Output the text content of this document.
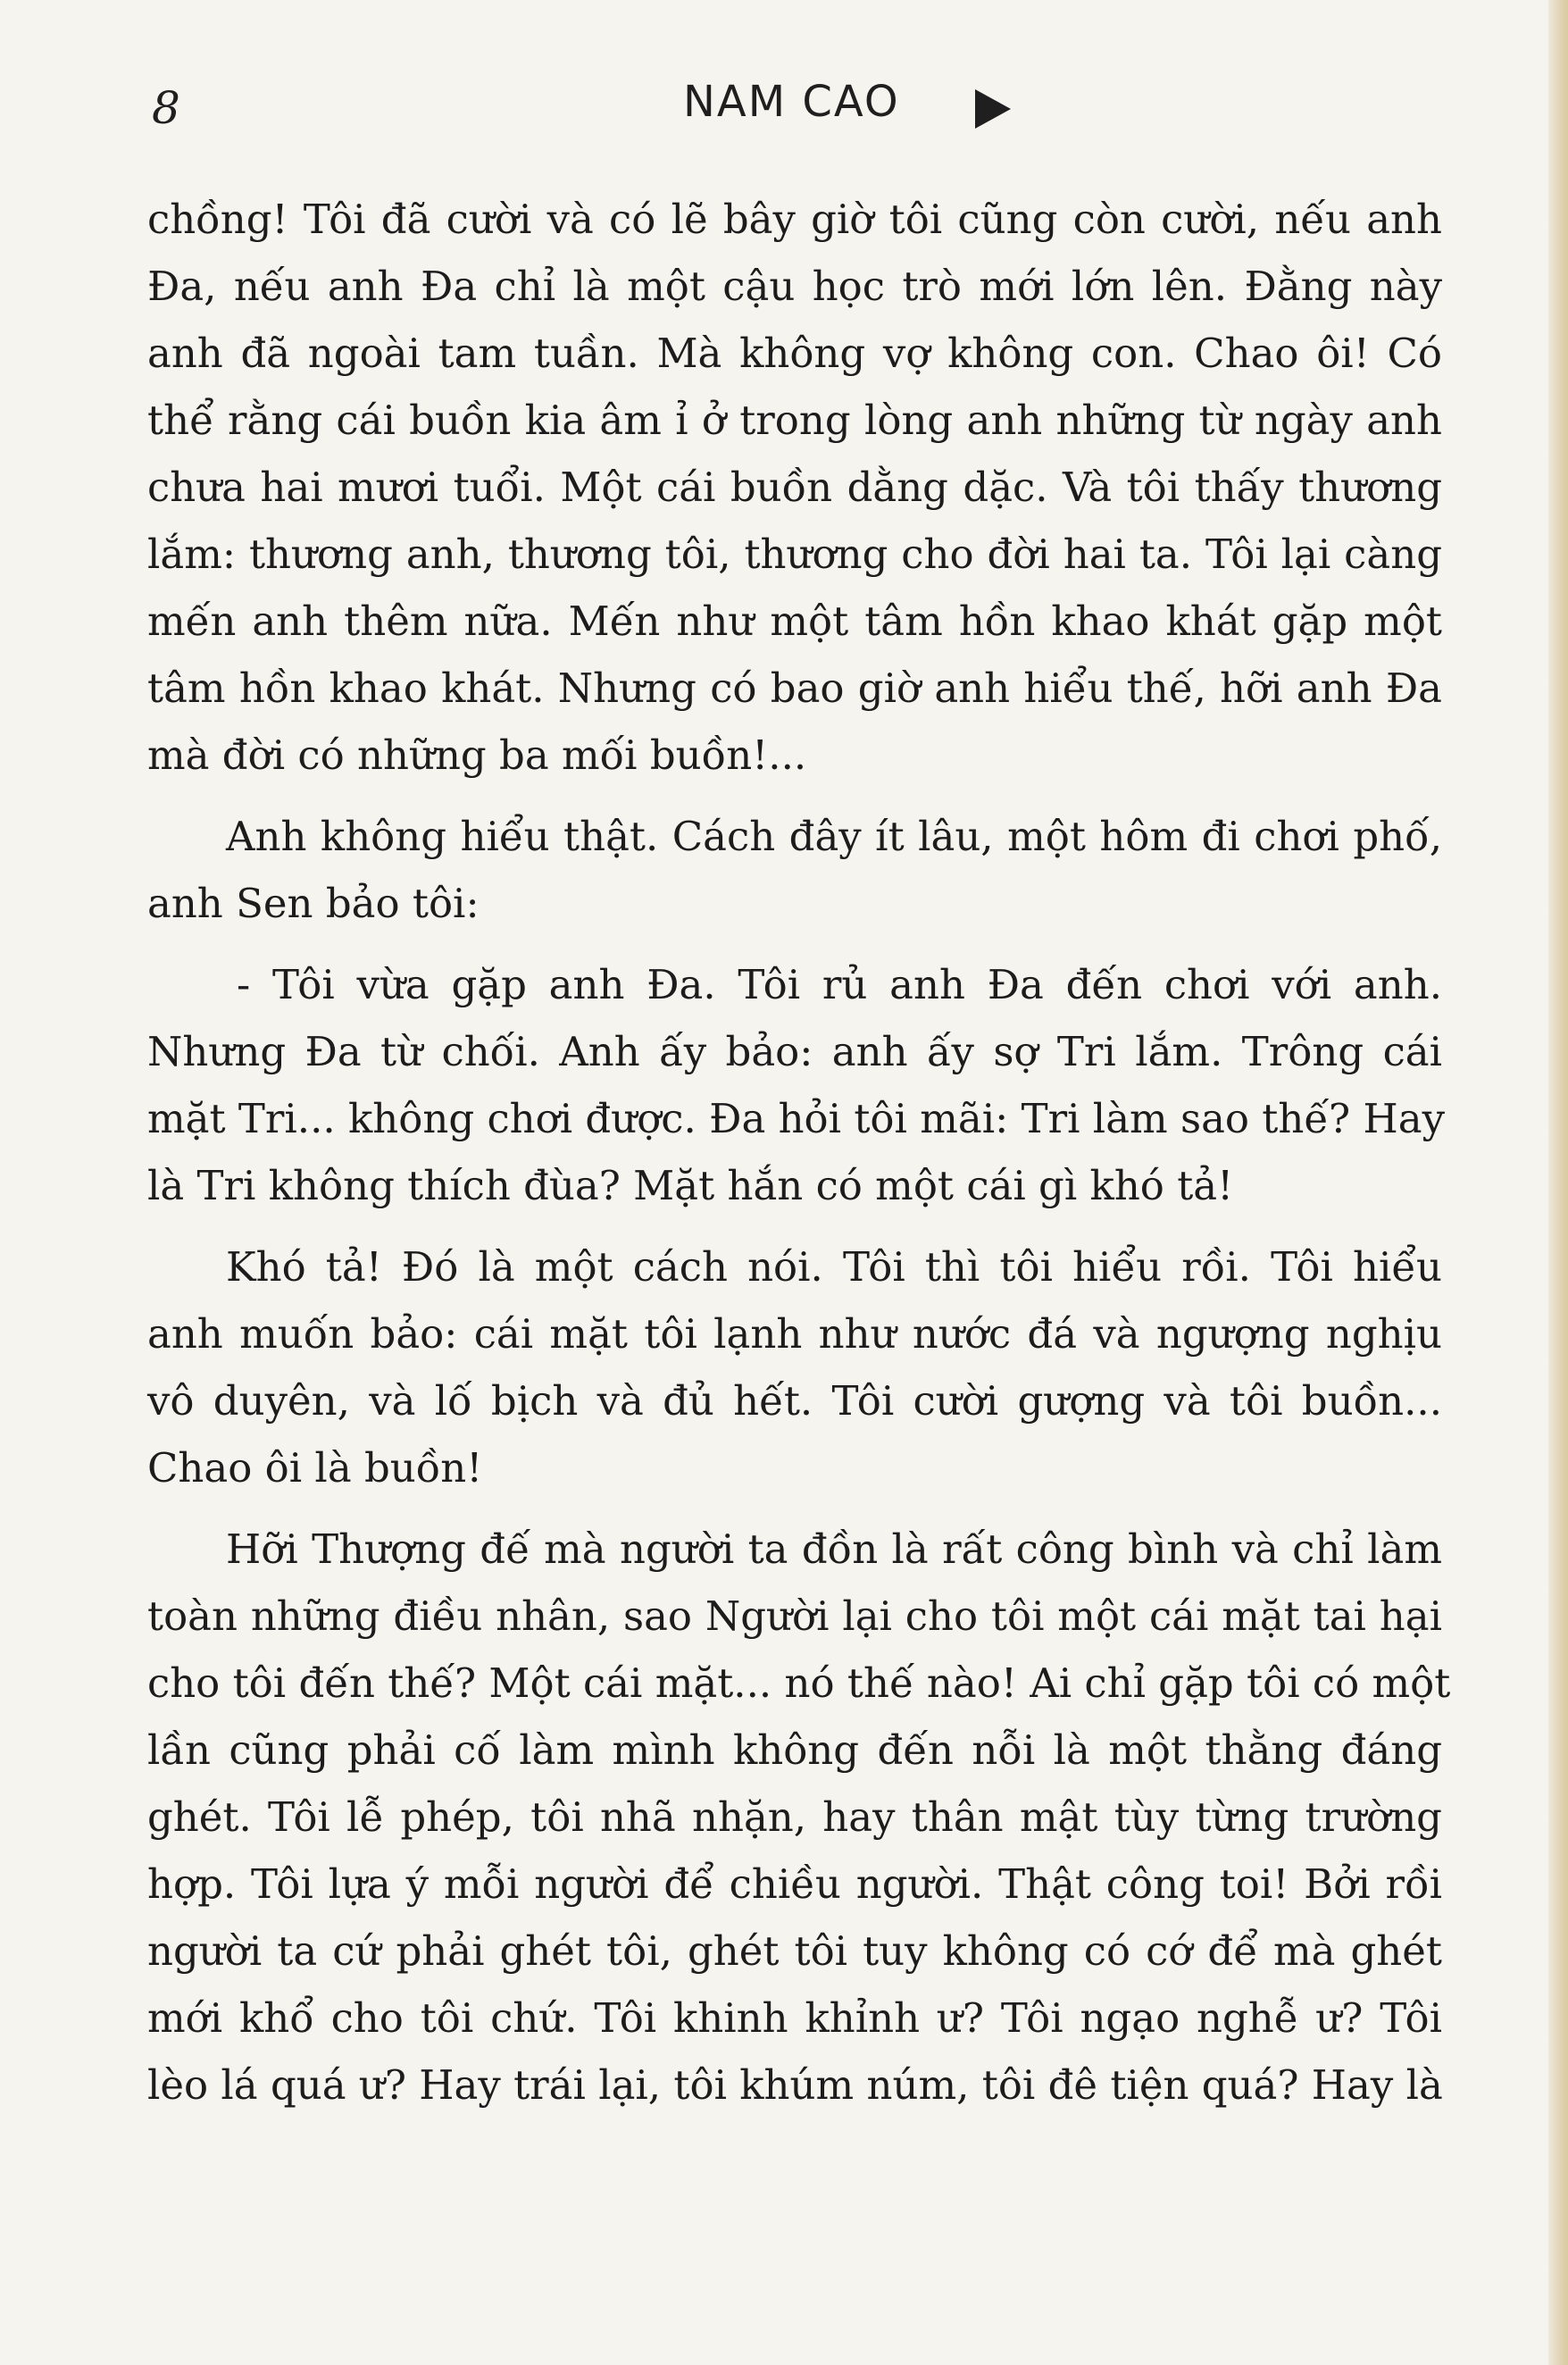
8	NAM CAO
chồng! Tôi đã cười và có lẽ bây giờ tôi cũng còn cười, nếu anh
Đa, nếu anh Đa chỉ là một cậu học trò mới lớn lên. Đằng này
anh đã ngoài tam tuần. Mà không vợ không con. Chao ôi! Có
thể rằng cái buồn kia âm ỉ ở trong lòng anh những từ ngày anh
chưa hai mươi tuổi. Một cái buồn dằng dặc. Và tôi thấy thương
lắm: thương anh, thương tôi, thương cho đời hai ta. Tôi lại càng
mến anh thêm nữa. Mến như một tâm hồn khao khát gặp một
tâm hồn khao khát. Nhưng có bao giờ anh hiểu thế, hỡi anh Đa
mà đời có những ba mối buồn!...
Anh không hiểu thật. Cách đây ít lâu, một hôm đi chơi phố,
anh Sen bảo tôi:
- Tôi vừa gặp anh Đa. Tôi rủ anh Đa đến chơi với anh.
Nhưng Đa từ chối. Anh ấy bảo: anh ấy sợ Tri lắm. Trông cái
mặt Tri... không chơi được. Đa hỏi tôi mãi: Tri làm sao thế? Hay
là Tri không thích đùa? Mặt hắn có một cái gì khó tả!
Khó tả! Đó là một cách nói. Tôi thì tôi hiểu rồi. Tôi hiểu
anh muốn bảo: cái mặt tôi lạnh như nước đá và ngượng nghịu
vô duyên, và lố bịch và đủ hết. Tôi cười gượng và tôi buồn...
Chao ôi là buồn!
Hỡi Thượng đế mà người ta đồn là rất công bình và chỉ làm
toàn những điều nhân, sao Người lại cho tôi một cái mặt tai hại
cho tôi đến thế? Một cái mặt... nó thế nào! Ai chỉ gặp tôi có một
lần cũng phải cố làm mình không đến nỗi là một thằng đáng
ghét. Tôi lễ phép, tôi nhã nhặn, hay thân mật tùy từng trường
hợp. Tôi lựa ý mỗi người để chiều người. Thật công toi! Bởi rồi
người ta cứ phải ghét tôi, ghét tôi tuy không có cớ để mà ghét
mới khổ cho tôi chứ. Tôi khinh khỉnh ư? Tôi ngạo nghễ ư? Tôi
lèo lá quá ư? Hay trái lại, tôi khúm núm, tôi đê tiện quá? Hay là
